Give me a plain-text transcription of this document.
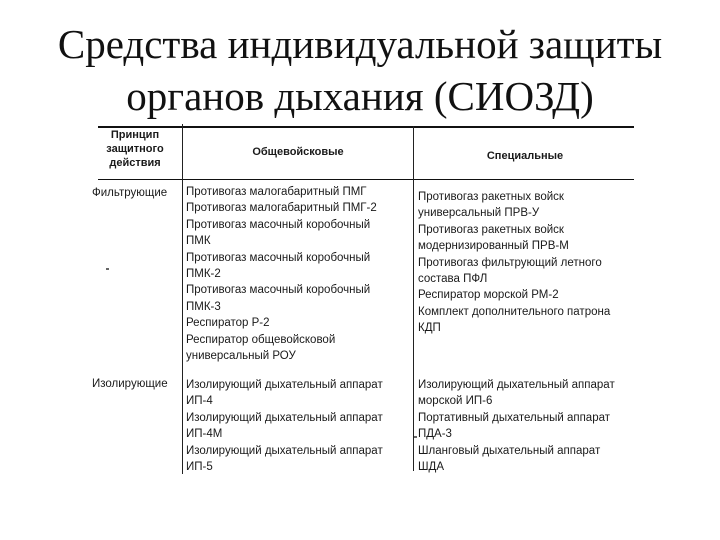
Средства индивидуальной защиты
органов дыхания (СИОЗД)
Принцип
защитного
действия
Общевойсковые	Специальные
Фильтрующие Противогаз малогабаритный ПМГ
Противогаз малогабаритный ПМГ-2
Противогаз масочный коробочный
ПМК
Противогаз масочный коробочный
ПМК-2
Противогаз масочный коробочный
ПМК-3
Респиратор Р-2
Респиратор общевойсковой
универсальный РОУ
Противогаз ракетных войск
универсальный ПРВ-У
Противогаз ракетных войск
модернизированный ПРВ-М
Противогаз фильтрующий летного
состава ПФЛ
Респиратор морской РМ-2
Комплект дополнительного патрона
КДП
Изолирующие Изолирующий дыхательный аппарат
ИП-4
Изолирующий дыхательный аппарат
ИП-4М
Изолирующий дыхательный аппарат
ИП-5
Изолирующий дыхательный аппарат
морской ИП-6
Портативный дыхательный аппарат
ПДА-3
Шланговый дыхательный аппарат
ШДА
